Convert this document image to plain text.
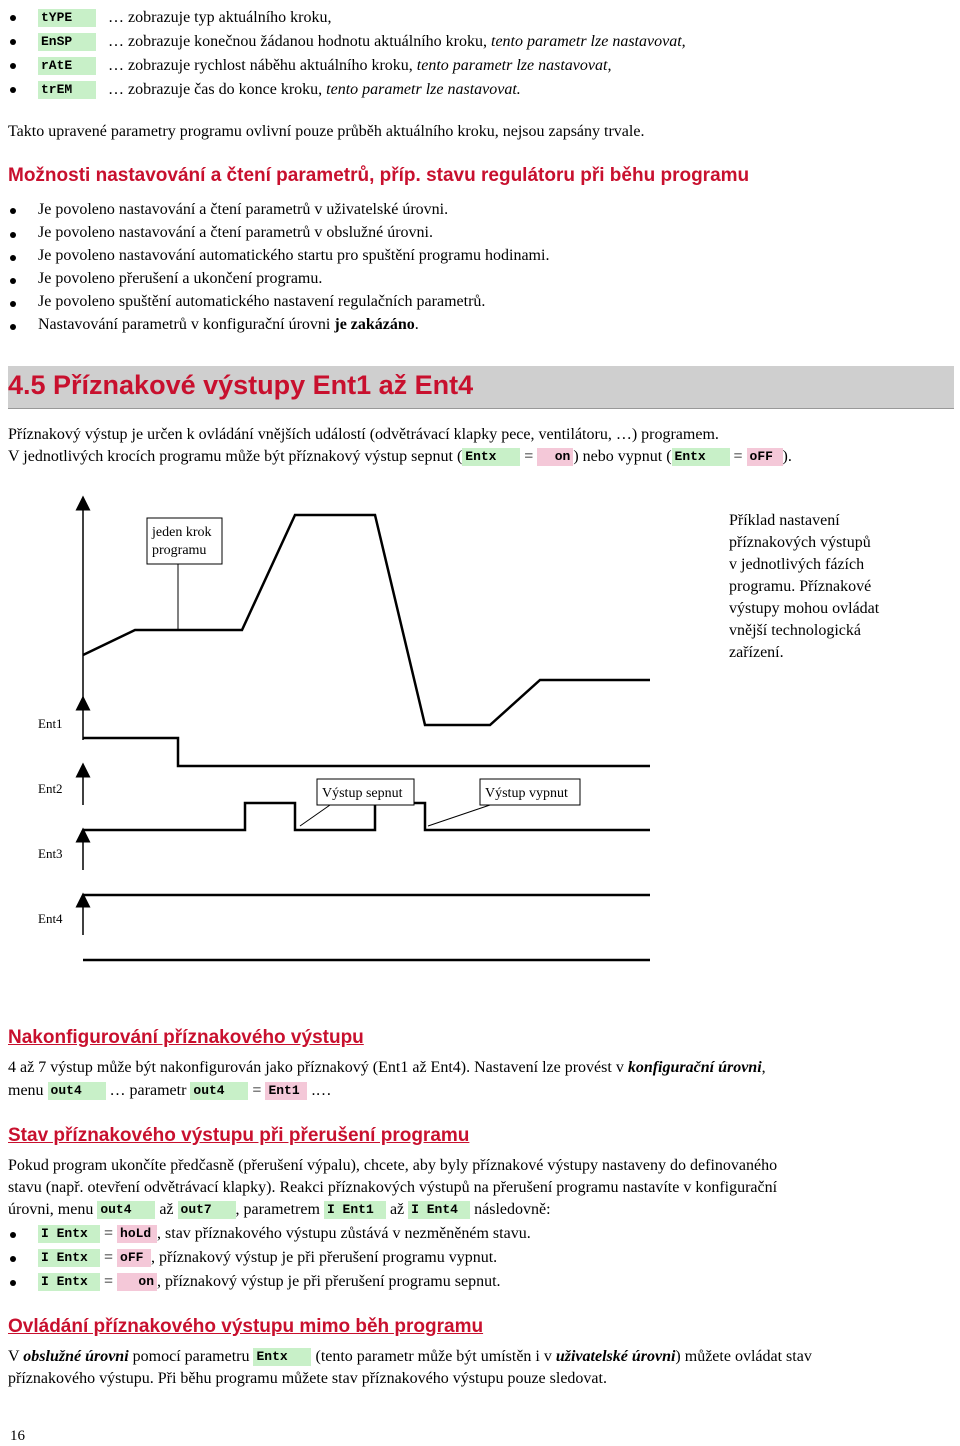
tYPE … zobrazuje typ aktuálního kroku,
EnSP … zobrazuje konečnou žádanou hodnotu aktuálního kroku, tento parametr lze nastavovat,
rAtE … zobrazuje rychlost náběhu aktuálního kroku, tento parametr lze nastavovat,
trEM … zobrazuje čas do konce kroku, tento parametr lze nastavovat.
Takto upravené parametry programu ovlivní pouze průběh aktuálního kroku, nejsou zapsány trvale.
Možnosti nastavování a čtení parametrů, příp. stavu regulátoru při běhu programu
Je povoleno nastavování a čtení parametrů v uživatelské úrovni.
Je povoleno nastavování a čtení parametrů v obslužné úrovni.
Je povoleno nastavování automatického startu pro spuštění programu hodinami.
Je povoleno přerušení a ukončení programu.
Je povoleno spuštění automatického nastavení regulačních parametrů.
Nastavování parametrů v konfigurační úrovni je zakázáno.
4.5 Příznakové výstupy Ent1 až Ent4
Příznakový výstup je určen k ovládání vnějších událostí (odvětrávací klapky pece, ventilátoru, …) programem.
V jednotlivých krocích programu může být příznakový výstup sepnut ( Entx = on ) nebo vypnut ( Entx = oFF ).
jeden krok
programu
Ent1
Ent2	Výstup sepnut	Výstup vypnut
Ent3
Ent4
Příklad nastavení
příznakových výstupů
v jednotlivých fázích
programu. Příznakové
výstupy mohou ovládat
vnější technologická
zařízení.
Nakonfigurování příznakového výstupu
4 až 7 výstup může být nakonfigurován jako příznakový (Ent1 až Ent4). Nastavení lze provést v konfigurační úrovni,
menu out4 … parametr out4 = Ent1 .…
Stav příznakového výstupu při přerušení programu
Pokud program ukončíte předčasně (přerušení výpalu), chcete, aby byly příznakové výstupy nastaveny do definovaného
stavu (např. otevření odvětrávací klapky). Reakci příznakových výstupů na přerušení programu nastavíte v konfigurační
úrovni, menu out4 až out7 , parametrem I Ent1 až I Ent4 následovně:
I Entx = hoLd , stav příznakového výstupu zůstává v nezměněném stavu.
I Entx = oFF , příznakový výstup je při přerušení programu vypnut.
I Entx = on , příznakový výstup je při přerušení programu sepnut.
Ovládání příznakového výstupu mimo běh programu
V obslužné úrovni pomocí parametru Entx (tento parametr může být umístěn i v uživatelské úrovni) můžete ovládat stav
příznakového výstupu. Při běhu programu můžete stav příznakového výstupu pouze sledovat.
16
